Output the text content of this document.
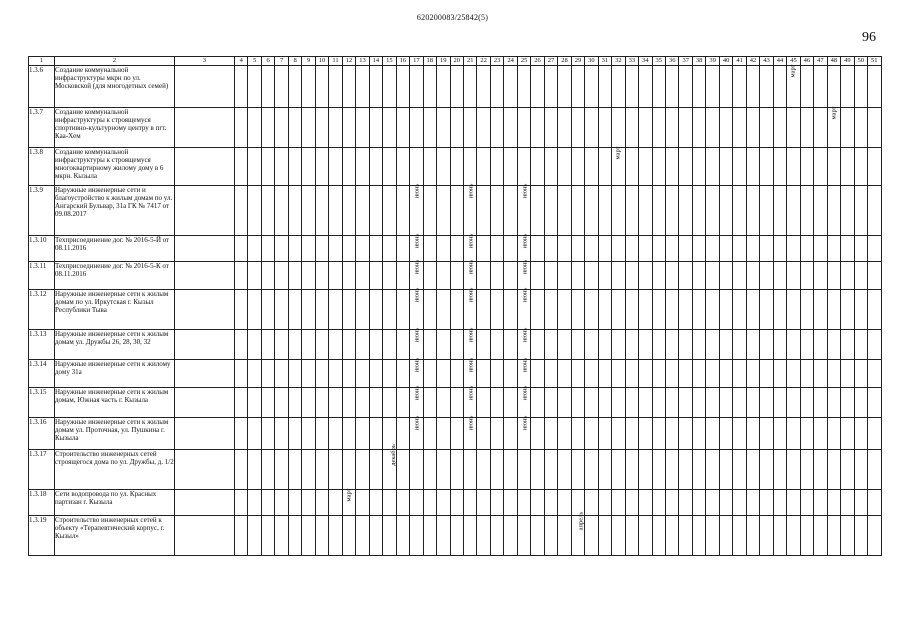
620200083/25842(5)
96
1	2	3	4	5	6	7	8	9	10	11	12	13	14	15	16	17	18	19	20	21	22	23	24	25	26	27	28	29	30	31	32	33	34	35	36	37	38	39	40	41	42	43	44	45	46	47	48	49	50	51
1.3.6	Создание коммунальной инфраструктуры мкрн по ул. Московской (для многодетных семей)																																											март						
1.3.7	Создание коммунальной инфраструктуры к строящемуся спортивно-культурному центру в пгт. Каа-Хем																																														март			
1.3.8	Создание коммунальной инфраструктуры к строящемуся многоквартирному жилому дому в 6 мкрн. Кызыла																														март																			
1.3.9	Наружные инженерные сети и благоустройство к жилым домам по ул. Ангарский Бульвар, 31а ГК № 7417 от 09.08.2017															июнь				июнь				июнь																										
1.3.10	Техприсоединение дог. № 2016-5-Й от 08.11.2016															июнь				июнь				июнь																										
1.3.11	Техприсоединение дог. № 2016-5-К от 08.11.2016															июнь				июнь				июнь																										
1.3.12	Наружные инженерные сети к жилым домам по ул. Иркутская г. Кызыл Республики Тыва															июнь				июнь				июнь																										
1.3.13	Наружные инженерные сети к жилым домам ул. Дружбы 26, 28, 30, 32															июнь				июнь				июнь																										
1.3.14	Наружные инженерные сети к жилому дому 31а															июнь				июнь				июнь																										
1.3.15	Наружные инженерные сети к жилым домам, Южная часть г. Кызыла															июнь				июнь				июнь																										
1.3.16	Наружные инженерные сети к жилым домам ул. Проточная, ул. Пушкина г. Кызыла															июнь				июнь				июнь																										
1.3.17	Строительство инженерных сетей строящегося дома по ул. Дружбы, д. 1/2													декабрь																																				
1.3.18	Сети водопровода по ул. Красных партизан г. Кызыла										март																																							
1.3.19	Строительство инженерных сетей к объекту «Терапевтический корпус, г. Кызыл»																											апрель																						
